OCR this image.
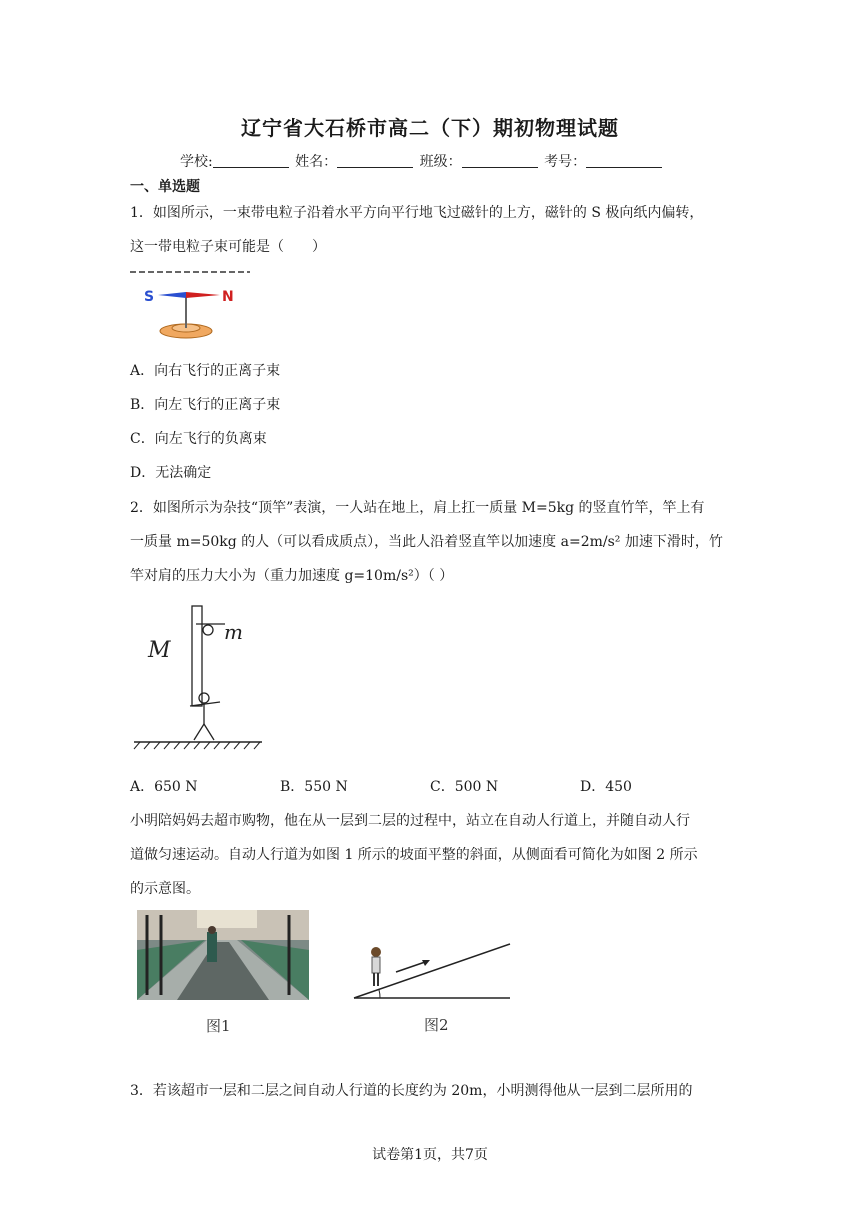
辽宁省大石桥市高二（下）期初物理试题
学校:	姓名：	班级：	考号：
一、单选题
1．如图所示，一束带电粒子沿着水平方向平行地飞过磁针的上方，磁针的 S 极向纸内偏转，
这一带电粒子束可能是（　　）
S	N
A．向右飞行的正离子束
B．向左飞行的正离子束
C．向左飞行的负离束
D．无法确定
2．如图所示为杂技“顶竿”表演，一人站在地上，肩上扛一质量 M=5kg 的竖直竹竿，竿上有
一质量 m=50kg 的人（可以看成质点），当此人沿着竖直竿以加速度 a=2m/s² 加速下滑时，竹
竿对肩的压力大小为（重力加速度 g=10m/s²）（ ）
m
M
A．650 N	B．550 N	C．500 N	D．450
小明陪妈妈去超市购物，他在从一层到二层的过程中，站立在自动人行道上，并随自动人行
道做匀速运动。自动人行道为如图 1 所示的坡面平整的斜面，从侧面看可简化为如图 2 所示
的示意图。
图1	图2
3．若该超市一层和二层之间自动人行道的长度约为 20m，小明测得他从一层到二层所用的
试卷第1页，共7页
